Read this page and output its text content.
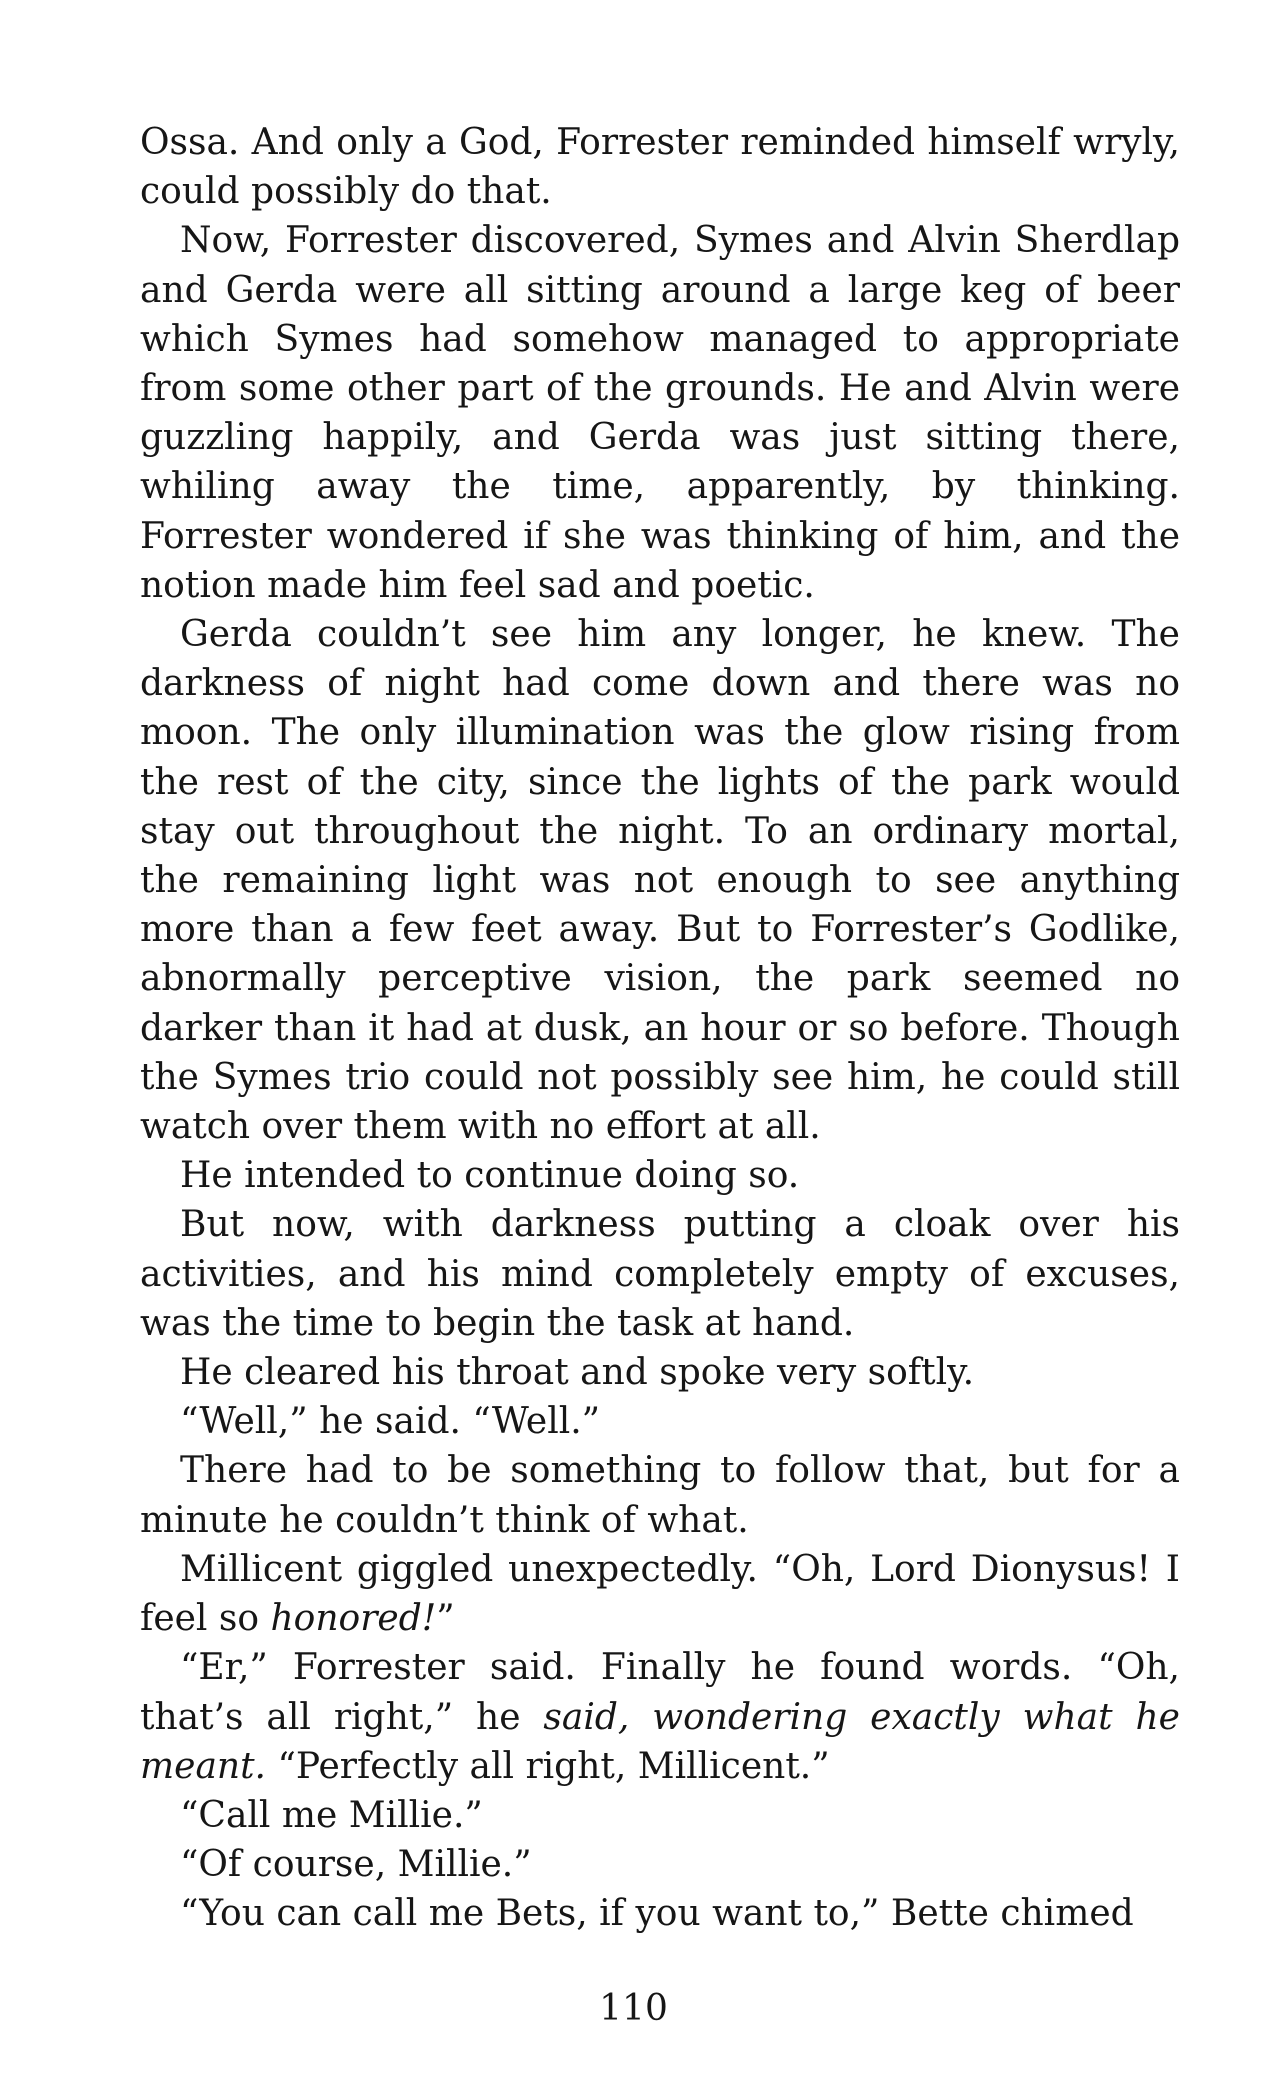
Ossa. And only a God, Forrester reminded himself wryly, could possibly do that.

Now, Forrester discovered, Symes and Alvin Sherdlap and Gerda were all sitting around a large keg of beer which Symes had somehow managed to appropriate from some other part of the grounds. He and Alvin were guzzling happily, and Gerda was just sitting there, whiling away the time, apparently, by thinking. Forrester wondered if she was thinking of him, and the notion made him feel sad and poetic.

Gerda couldn’t see him any longer, he knew. The darkness of night had come down and there was no moon. The only illumination was the glow rising from the rest of the city, since the lights of the park would stay out throughout the night. To an ordinary mortal, the remaining light was not enough to see anything more than a few feet away. But to Forrester’s Godlike, abnormally perceptive vision, the park seemed no darker than it had at dusk, an hour or so before. Though the Symes trio could not possibly see him, he could still watch over them with no effort at all.

He intended to continue doing so.

But now, with darkness putting a cloak over his activities, and his mind completely empty of excuses, was the time to begin the task at hand.

He cleared his throat and spoke very softly.

“Well,” he said. “Well.”

There had to be something to follow that, but for a minute he couldn’t think of what.

Millicent giggled unexpectedly. “Oh, Lord Dionysus! I feel so honored!”

“Er,” Forrester said. Finally he found words. “Oh, that’s all right,” he said, wondering exactly what he meant. “Perfectly all right, Millicent.”

“Call me Millie.”

“Of course, Millie.”

“You can call me Bets, if you want to,” Bette chimed

110
